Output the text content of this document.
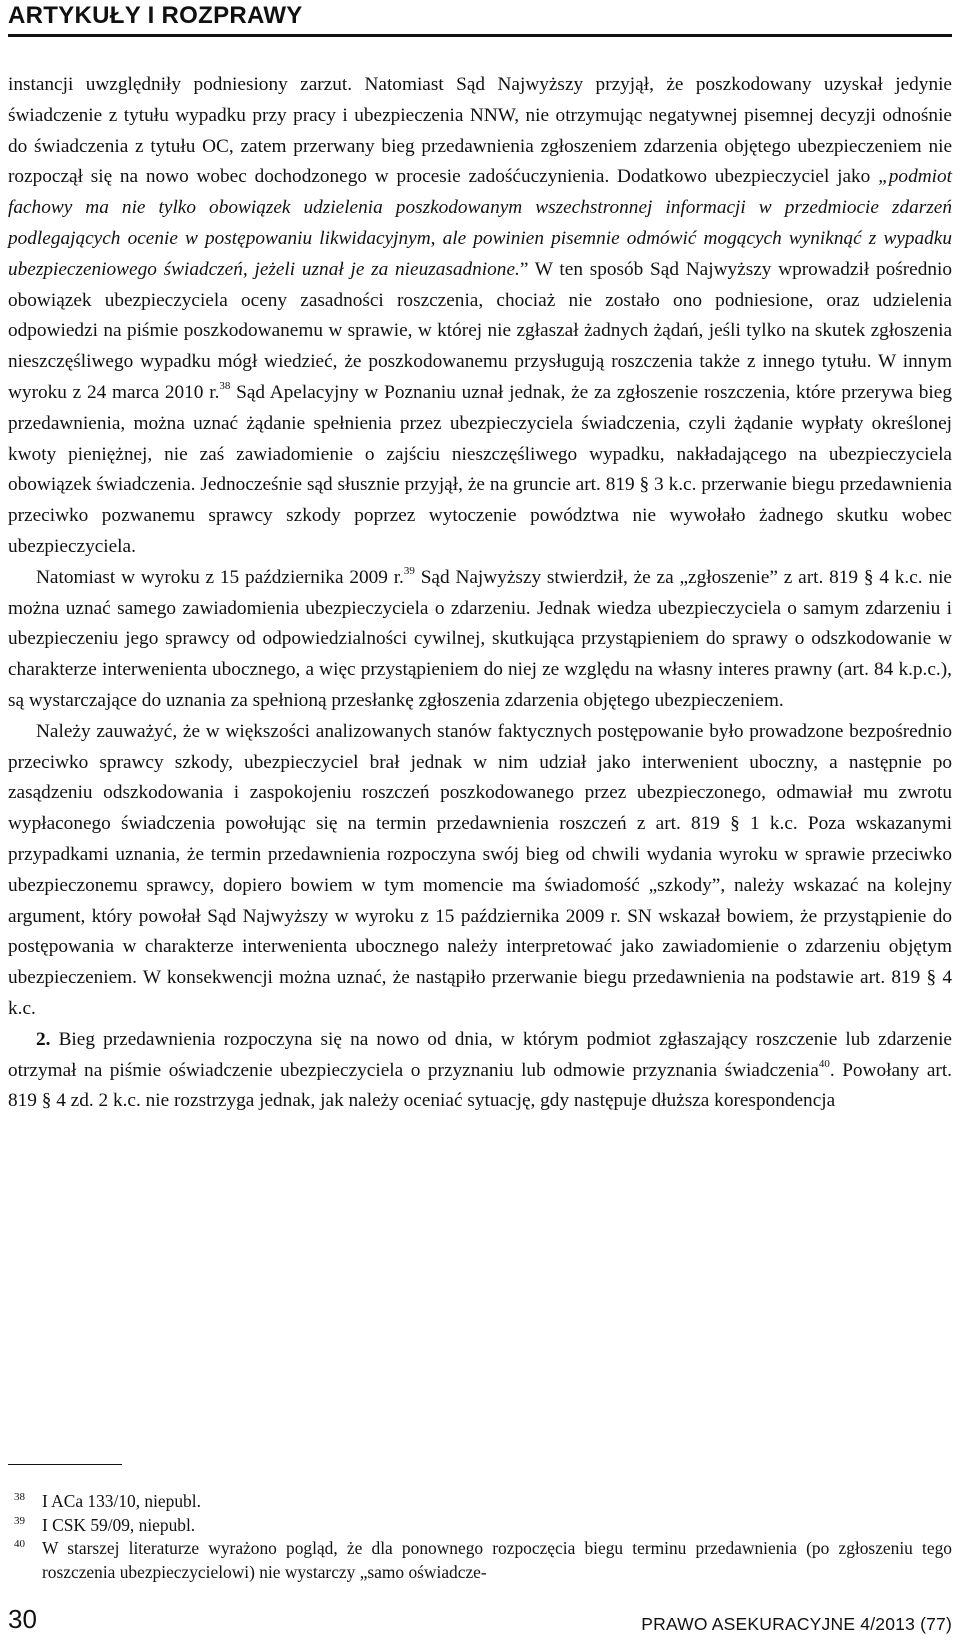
ARTYKUŁY I ROZPRAWY

instancji uwzględniły podniesiony zarzut. Natomiast Sąd Najwyższy przyjął, że poszkodowany uzyskał jedynie świadczenie z tytułu wypadku przy pracy i ubezpieczenia NNW, nie otrzymując negatywnej pisemnej decyzji odnośnie do świadczenia z tytułu OC, zatem przerwany bieg przedawnienia zgłoszeniem zdarzenia objętego ubezpieczeniem nie rozpoczął się na nowo wobec dochodzonego w procesie zadośćuczynienia. Dodatkowo ubezpieczyciel jako „podmiot fachowy ma nie tylko obowiązek udzielenia poszkodowanym wszechstronnej informacji w przedmiocie zdarzeń podlegających ocenie w postępowaniu likwidacyjnym, ale powinien pisemnie odmówić mogących wyniknąć z wypadku ubezpieczeniowego świadczeń, jeżeli uznał je za nieuzasadnione.” W ten sposób Sąd Najwyższy wprowadził pośrednio obowiązek ubezpieczyciela oceny zasadności roszczenia, chociaż nie zostało ono podniesione, oraz udzielenia odpowiedzi na piśmie poszkodowanemu w sprawie, w której nie zgłaszał żadnych żądań, jeśli tylko na skutek zgłoszenia nieszczęśliwego wypadku mógł wiedzieć, że poszkodowanemu przysługują roszczenia także z innego tytułu. W innym wyroku z 24 marca 2010 r.$^{38}$ Sąd Apelacyjny w Poznaniu uznał jednak, że za zgłoszenie roszczenia, które przerywa bieg przedawnienia, można uznać żądanie spełnienia przez ubezpieczyciela świadczenia, czyli żądanie wypłaty określonej kwoty pieniężnej, nie zaś zawiadomienie o zajściu nieszczęśliwego wypadku, nakładającego na ubezpieczyciela obowiązek świadczenia. Jednocześnie sąd słusznie przyjął, że na gruncie art. 819 § 3 k.c. przerwanie biegu przedawnienia przeciwko pozwanemu sprawcy szkody poprzez wytoczenie powództwa nie wywołało żadnego skutku wobec ubezpieczyciela.

Natomiast w wyroku z 15 października 2009 r.$^{39}$ Sąd Najwyższy stwierdził, że za „zgłoszenie” z art. 819 § 4 k.c. nie można uznać samego zawiadomienia ubezpieczyciela o zdarzeniu. Jednak wiedza ubezpieczyciela o samym zdarzeniu i ubezpieczeniu jego sprawcy od odpowiedzialności cywilnej, skutkująca przystąpieniem do sprawy o odszkodowanie w charakterze interwenienta ubocznego, a więc przystąpieniem do niej ze względu na własny interes prawny (art. 84 k.p.c.), są wystarczające do uznania za spełnioną przesłankę zgłoszenia zdarzenia objętego ubezpieczeniem.

Należy zauważyć, że w większości analizowanych stanów faktycznych postępowanie było prowadzone bezpośrednio przeciwko sprawcy szkody, ubezpieczyciel brał jednak w nim udział jako interwenient uboczny, a następnie po zasądzeniu odszkodowania i zaspokojeniu roszczeń poszkodowanego przez ubezpieczonego, odmawiał mu zwrotu wypłaconego świadczenia powołując się na termin przedawnienia roszczeń z art. 819 § 1 k.c. Poza wskazanymi przypadkami uznania, że termin przedawnienia rozpoczyna swój bieg od chwili wydania wyroku w sprawie przeciwko ubezpieczonemu sprawcy, dopiero bowiem w tym momencie ma świadomość „szkody”, należy wskazać na kolejny argument, który powołał Sąd Najwyższy w wyroku z 15 października 2009 r. SN wskazał bowiem, że przystąpienie do postępowania w charakterze interwenienta ubocznego należy interpretować jako zawiadomienie o zdarzeniu objętym ubezpieczeniem. W konsekwencji można uznać, że nastąpiło przerwanie biegu przedawnienia na podstawie art. 819 § 4 k.c.

2. Bieg przedawnienia rozpoczyna się na nowo od dnia, w którym podmiot zgłaszający roszczenie lub zdarzenie otrzymał na piśmie oświadczenie ubezpieczyciela o przyznaniu lub odmowie przyznania świadczenia$^{40}$. Powołany art. 819 § 4 zd. 2 k.c. nie rozstrzyga jednak, jak należy oceniać sytuację, gdy następuje dłuższa korespondencja

$^{38}$ I ACa 133/10, niepubl.
$^{39}$ I CSK 59/09, niepubl.
$^{40}$ W starszej literaturze wyrażono pogląd, że dla ponownego rozpoczęcia biegu terminu przedawnienia (po zgłoszeniu tego roszczenia ubezpieczycielowi) nie wystarczy „samo oświadcze-
30	PRAWO ASEKURACYJNE 4/2013 (77)
